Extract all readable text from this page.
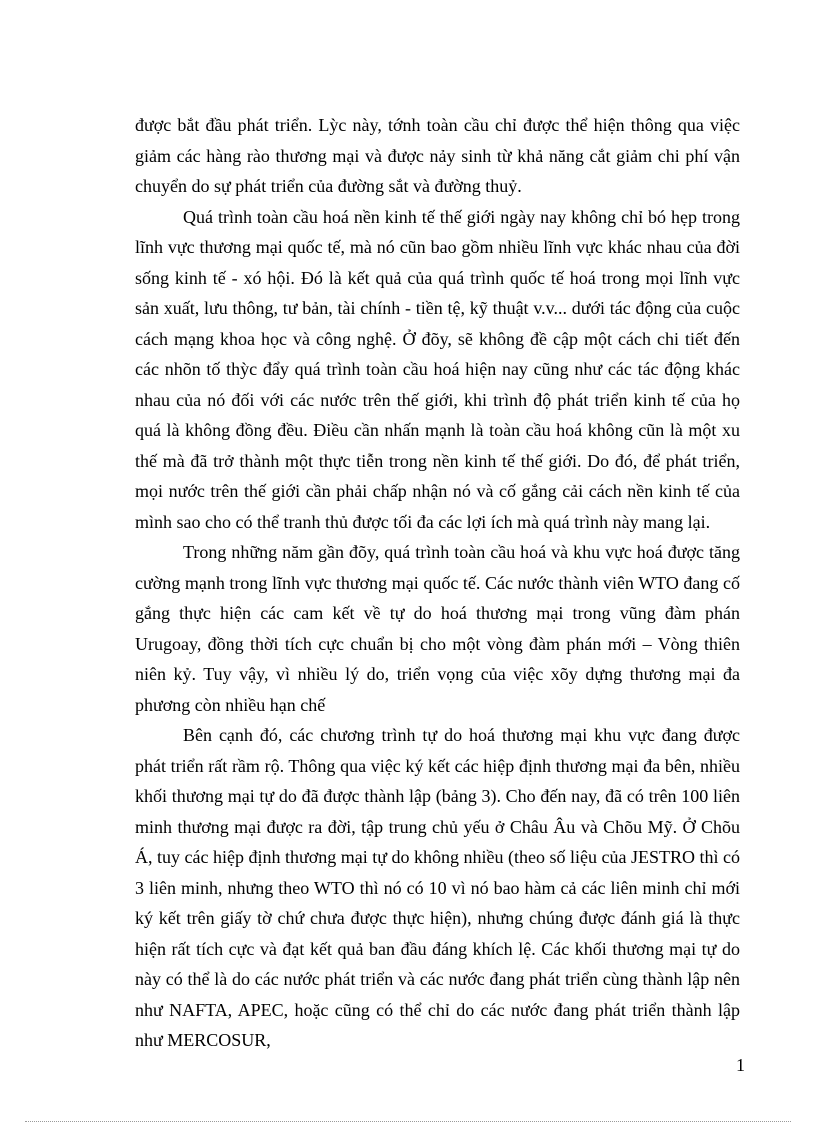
được bắt đầu phát triển. Lỳc này, tớnh toàn cầu chỉ được thể hiện thông qua việc giảm các hàng rào thương mại và được nảy sinh từ khả năng cắt giảm chi phí vận chuyển do sự phát triển của đường sắt và đường thuỷ.

Quá trình toàn cầu hoá nền kinh tế thế giới ngày nay không chỉ bó hẹp trong lĩnh vực thương mại quốc tế, mà nó cũn bao gồm nhiều lĩnh vực khác nhau của đời sống kinh tế - xó hội. Đó là kết quả của quá trình quốc tế hoá trong mọi lĩnh vực sản xuất, lưu thông, tư bản, tài chính - tiền tệ, kỹ thuật v.v... dưới tác động của cuộc cách mạng khoa học và công nghệ. Ở đõy, sẽ không đề cập một cách chi tiết đến các nhõn tố thỳc đẩy quá trình toàn cầu hoá hiện nay cũng như các tác động khác nhau của nó đối với các nước trên thế giới, khi trình độ phát triển kinh tế của họ quá là không đồng đều. Điều cần nhấn mạnh là toàn cầu hoá không cũn là một xu thế mà đã trở thành một thực tiễn trong nền kinh tế thế giới. Do đó, để phát triển, mọi nước trên thế giới cần phải chấp nhận nó và cố gắng cải cách nền kinh tế của mình sao cho có thể tranh thủ được tối đa các lợi ích mà quá trình này mang lại.

Trong những năm gần đõy, quá trình toàn cầu hoá và khu vực hoá được tăng cường mạnh trong lĩnh vực thương mại quốc tế. Các nước thành viên WTO đang cố gắng thực hiện các cam kết về tự do hoá thương mại trong vũng đàm phán Urugoay, đồng thời tích cực chuẩn bị cho một vòng đàm phán mới – Vòng thiên niên kỷ. Tuy vậy, vì nhiều lý do, triển vọng của việc xõy dựng thương mại đa phương còn nhiều hạn chế

Bên cạnh đó, các chương trình tự do hoá thương mại khu vực đang được phát triển rất rầm rộ. Thông qua việc ký kết các hiệp định thương mại đa bên, nhiều khối thương mại tự do đã được thành lập (bảng 3). Cho đến nay, đã có trên 100 liên minh thương mại được ra đời, tập trung chủ yếu ở Châu Âu và Chõu Mỹ. Ở Chõu Á, tuy các hiệp định thương mại tự do không nhiều (theo số liệu của JESTRO thì có 3 liên minh, nhưng theo WTO thì nó có 10 vì nó bao hàm cả các liên minh chỉ mới ký kết trên giấy tờ chứ chưa được thực hiện), nhưng chúng được đánh giá là thực hiện rất tích cực và đạt kết quả ban đầu đáng khích lệ. Các khối thương mại tự do này có thể là do các nước phát triển và các nước đang phát triển cùng thành lập nên như NAFTA, APEC, hoặc cũng có thể chỉ do các nước đang phát triển thành lập như MERCOSUR,

1
